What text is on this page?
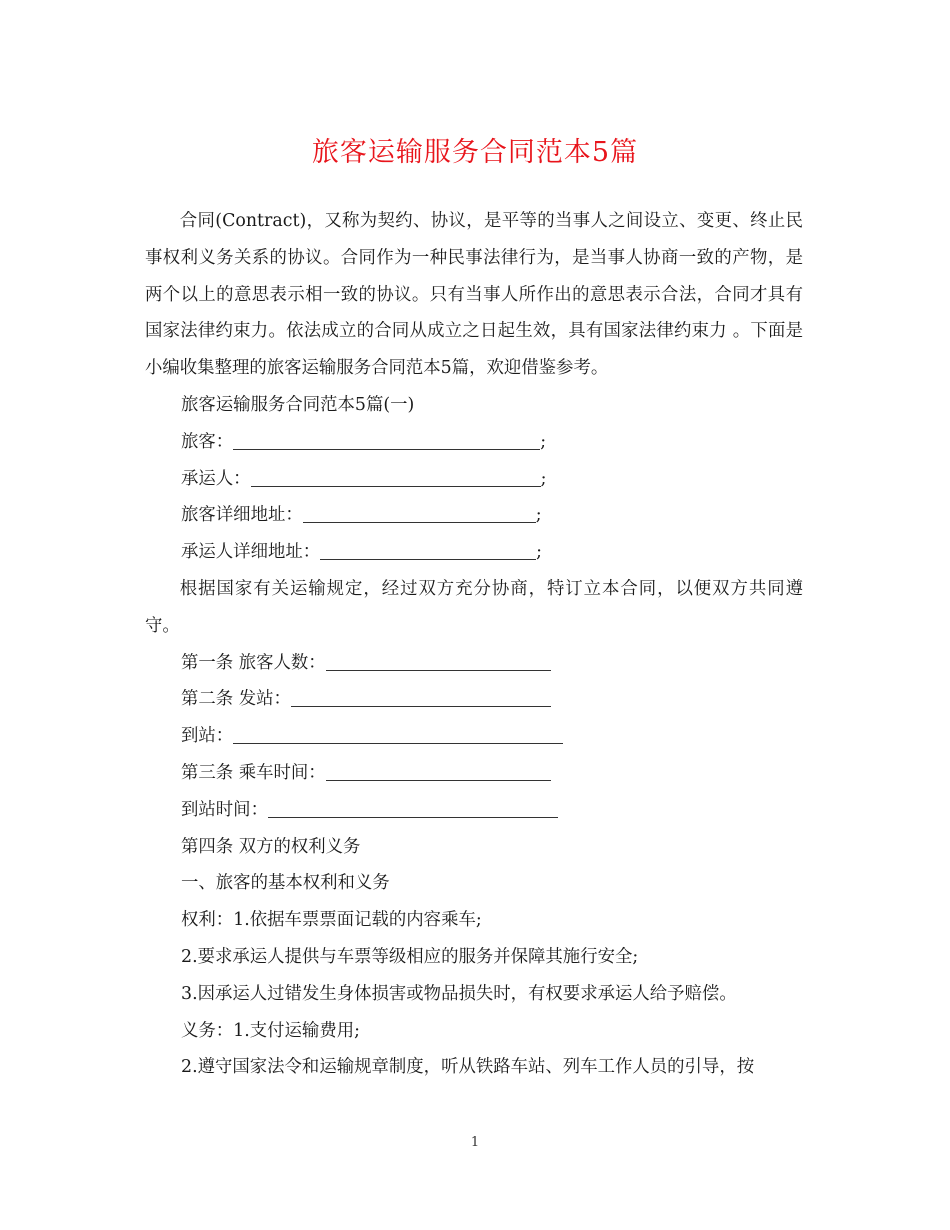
旅客运输服务合同范本5篇

合同(Contract)，又称为契约、协议，是平等的当事人之间设立、变更、终止民事权利义务关系的协议。合同作为一种民事法律行为，是当事人协商一致的产物，是两个以上的意思表示相一致的协议。只有当事人所作出的意思表示合法，合同才具有国家法律约束力。依法成立的合同从成立之日起生效，具有国家法律约束力 。下面是小编收集整理的旅客运输服务合同范本5篇，欢迎借鉴参考。

旅客运输服务合同范本5篇(一)

旅客：	;

承运人：	;

旅客详细地址：	;

承运人详细地址：	;

根据国家有关运输规定，经过双方充分协商，特订立本合同，以便双方共同遵守。

第一条 旅客人数：

第二条 发站：

到站：

第三条 乘车时间：

到站时间：

第四条 双方的权利义务

一、旅客的基本权利和义务

权利：1.依据车票票面记载的内容乘车;

2.要求承运人提供与车票等级相应的服务并保障其施行安全;

3.因承运人过错发生身体损害或物品损失时，有权要求承运人给予赔偿。

义务：1.支付运输费用;

2.遵守国家法令和运输规章制度，听从铁路车站、列车工作人员的引导，按

1
